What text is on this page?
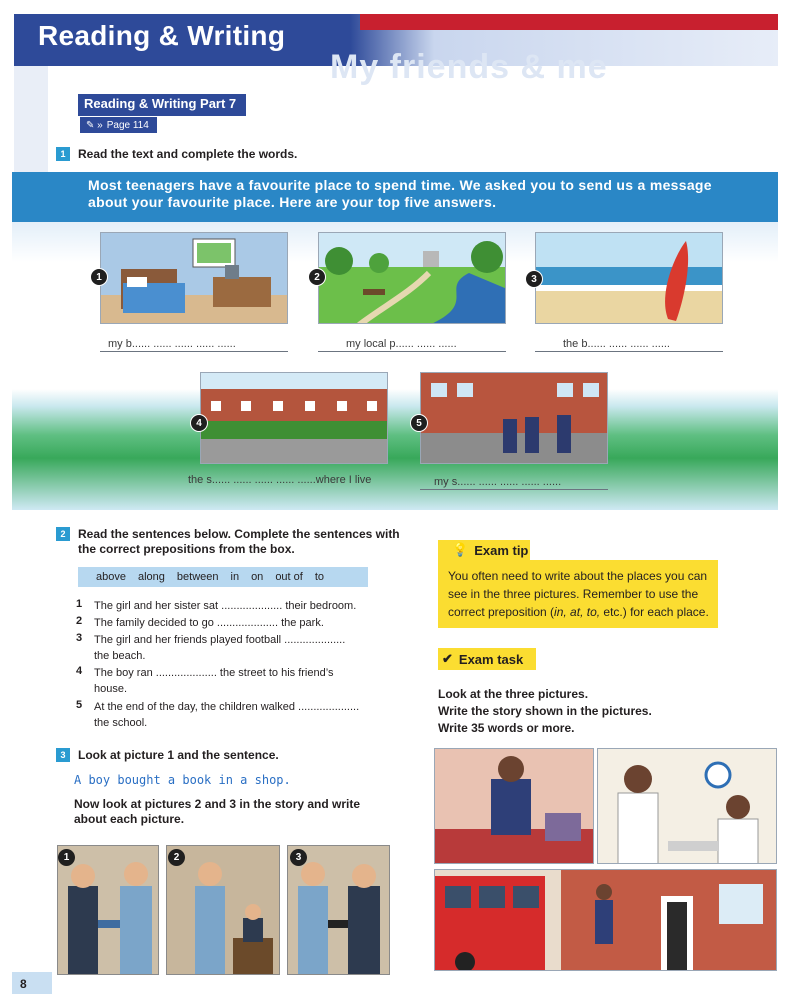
Reading & Writing
My friends & me
Reading & Writing Part 7
✎ » Page 114
1	Read the text and complete the words.
Most teenagers have a favourite place to spend time. We asked you to send us a message about your favourite place. Here are your top five answers.
1
my b...... ...... ...... ...... ......
2
my local p...... ...... ......
3
the b...... ...... ...... ......
4
the s...... ...... ...... ...... ......where I live
5
my s...... ...... ...... ...... ......
2	Read the sentences below. Complete the sentences with the correct prepositions from the box.
above along between in on out of to
1 The girl and her sister sat .................... their bedroom.
2 The family decided to go .................... the park.
3 The girl and her friends played football ....................
the beach.
4 The boy ran .................... the street to his friend’s
house.
5 At the end of the day, the children walked ....................
the school.
3	Look at picture 1 and the sentence.
A boy bought a book in a shop.
Now look at pictures 2 and 3 in the story and write about each picture.
1	2	3
💡 Exam tip
You often need to write about the places you can see in the three pictures. Remember to use the correct preposition (in, at, to, etc.) for each place.
✔ Exam task
Look at the three pictures.
Write the story shown in the pictures.
Write 35 words or more.
8
